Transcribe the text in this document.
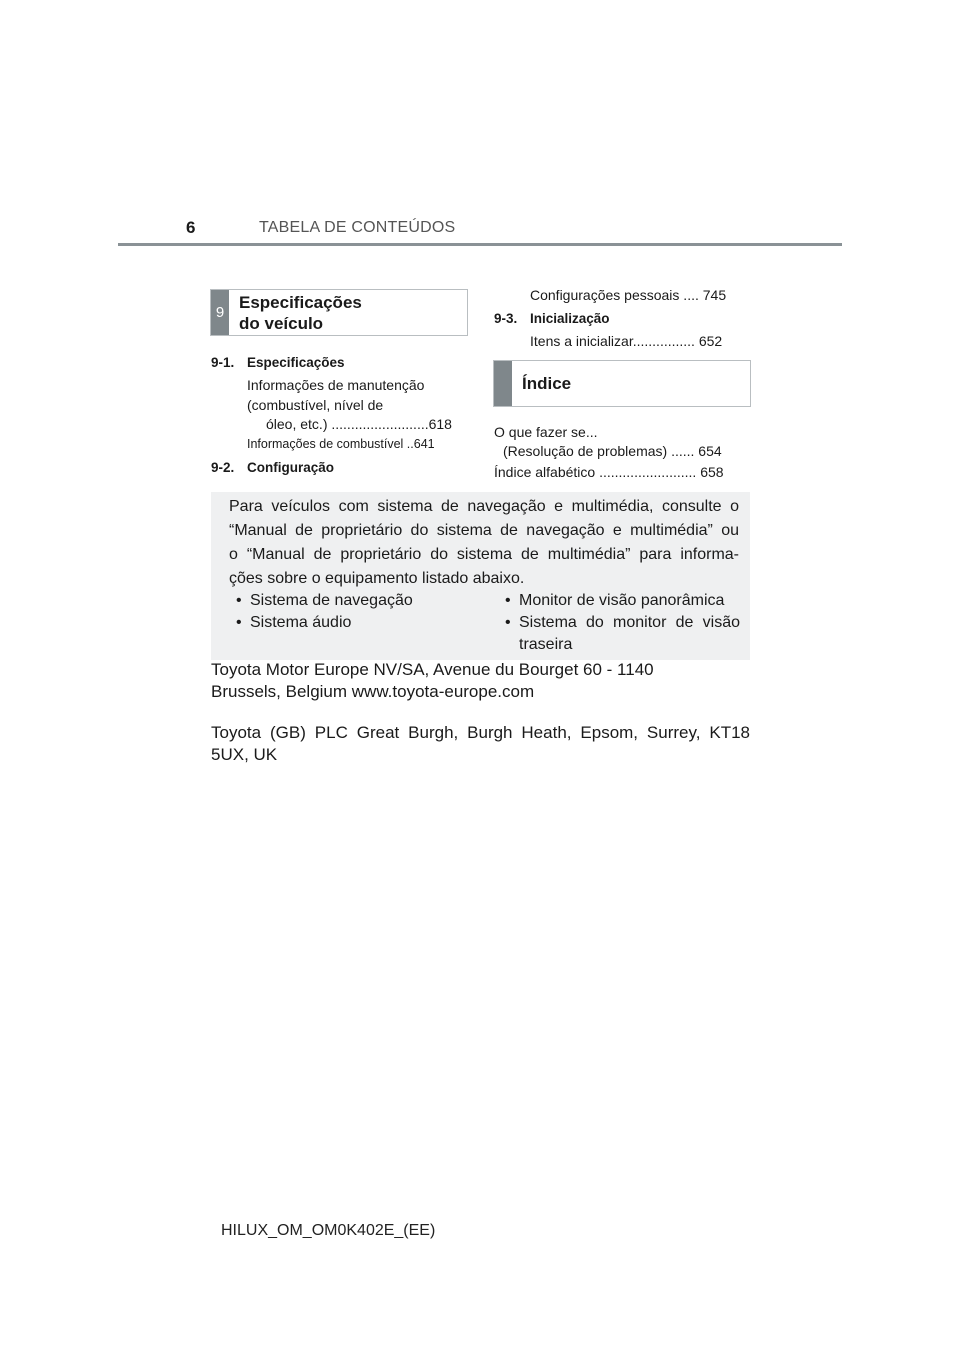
6	TABELA DE CONTEÚDOS
9
Especificações
do veículo
9-1. Especificações
Informações de manutenção
(combustível, nível de
óleo, etc.) .........................618
Informações de combustível ..641
9-2. Configuração
Configurações pessoais .... 745
9-3. Inicialização
Itens a inicializar................ 652
Índice
O que fazer se...
(Resolução de problemas) ...... 654
Índice alfabético ......................... 658
Para veículos com sistema de navegação e multimédia, consulte o
“Manual de proprietário do sistema de navegação e multimédia” ou
o “Manual de proprietário do sistema de multimédia” para informa-
ções sobre o equipamento listado abaixo.
• Sistema de navegação
• Sistema áudio
• Monitor de visão panorâmica
• Sistema do monitor de visão
traseira
Toyota Motor Europe NV/SA, Avenue du Bourget 60 - 1140
Brussels, Belgium www.toyota-europe.com
Toyota (GB) PLC Great Burgh, Burgh Heath, Epsom, Surrey, KT18
5UX, UK
HILUX_OM_OM0K402E_(EE)
